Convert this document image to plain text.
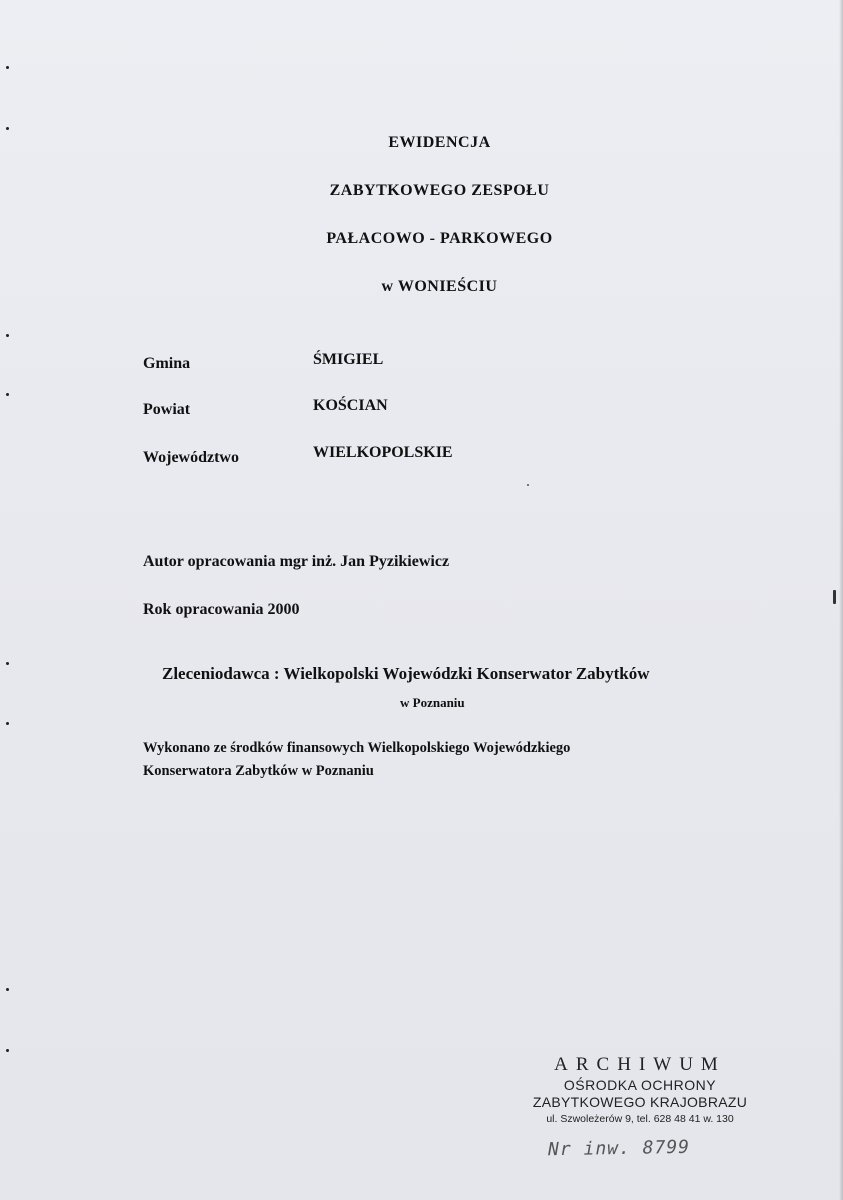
EWIDENCJA
ZABYTKOWEGO ZESPOŁU
PAŁACOWO - PARKOWEGO
w WONIEŚCIU
Gmina	ŚMIGIEL
Powiat	KOŚCIAN
Województwo	WIELKOPOLSKIE
Autor opracowania mgr inż. Jan Pyzikiewicz
Rok opracowania 2000
Zleceniodawca : Wielkopolski Wojewódzki Konserwator Zabytków
w Poznaniu
Wykonano ze środków finansowych Wielkopolskiego Wojewódzkiego
Konserwatora Zabytków w Poznaniu
ARCHIWUM
OŚRODKA OCHRONY
ZABYTKOWEGO KRAJOBRAZU
ul. Szwoleżerów 9, tel. 628 48 41 w. 130
Nr inw. 8799
